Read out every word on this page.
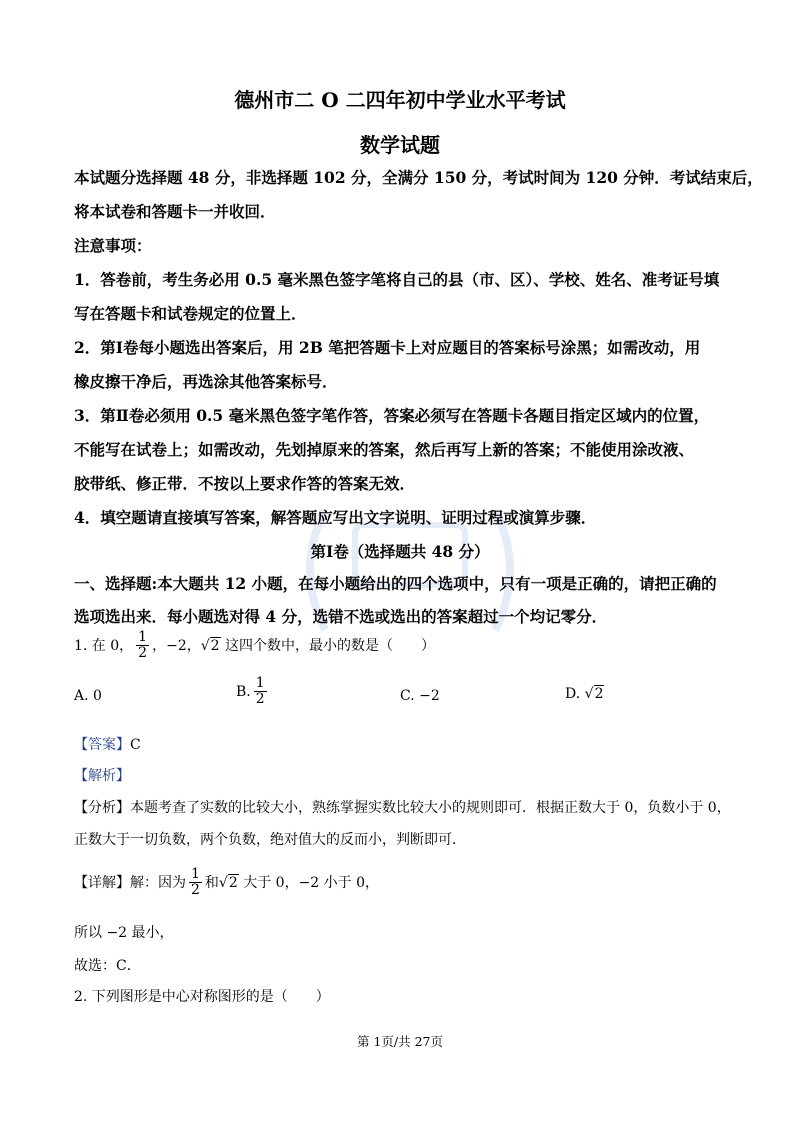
德州市二 O 二四年初中学业水平考试
数学试题
本试题分选择题 48 分，非选择题 102 分，全满分 150 分，考试时间为 120 分钟．考试结束后，
将本试卷和答题卡一并收回．
注意事项：
1．答卷前，考生务必用 0.5 毫米黑色签字笔将自己的县（市、区）、学校、姓名、准考证号填
写在答题卡和试卷规定的位置上．
2．第Ⅰ卷每小题选出答案后，用 2B 笔把答题卡上对应题目的答案标号涂黑；如需改动，用
橡皮擦干净后，再选涂其他答案标号．
3．第Ⅱ卷必须用 0.5 毫米黑色签字笔作答，答案必须写在答题卡各题目指定区域内的位置，
不能写在试卷上；如需改动，先划掉原来的答案，然后再写上新的答案；不能使用涂改液、
胶带纸、修正带．不按以上要求作答的答案无效．
4．填空题请直接填写答案，解答题应写出文字说明、证明过程或演算步骤．
第Ⅰ卷（选择题共 48 分）
一、选择题:本大题共 12 小题，在每小题给出的四个选项中，只有一项是正确的，请把正确的
选项选出来．每小题选对得 4 分，选错不选或选出的答案超过一个均记零分．
1. 在 0， $\frac{1}{2}$ ，−2，√2 这四个数中，最小的数是（　　）
A. 0	B. $\frac{1}{2}$	C. −2	D. √2
【答案】C
【解析】
【分析】本题考查了实数的比较大小，熟练掌握实数比较大小的规则即可．根据正数大于 0，负数小于 0，
正数大于一切负数，两个负数，绝对值大的反而小，判断即可．
【详解】解：因为 $\frac{1}{2}$ 和√2 大于 0，−2 小于 0，
所以 −2 最小，
故选：C．
2. 下列图形是中心对称图形的是（　　）
第 1页/共 27页
